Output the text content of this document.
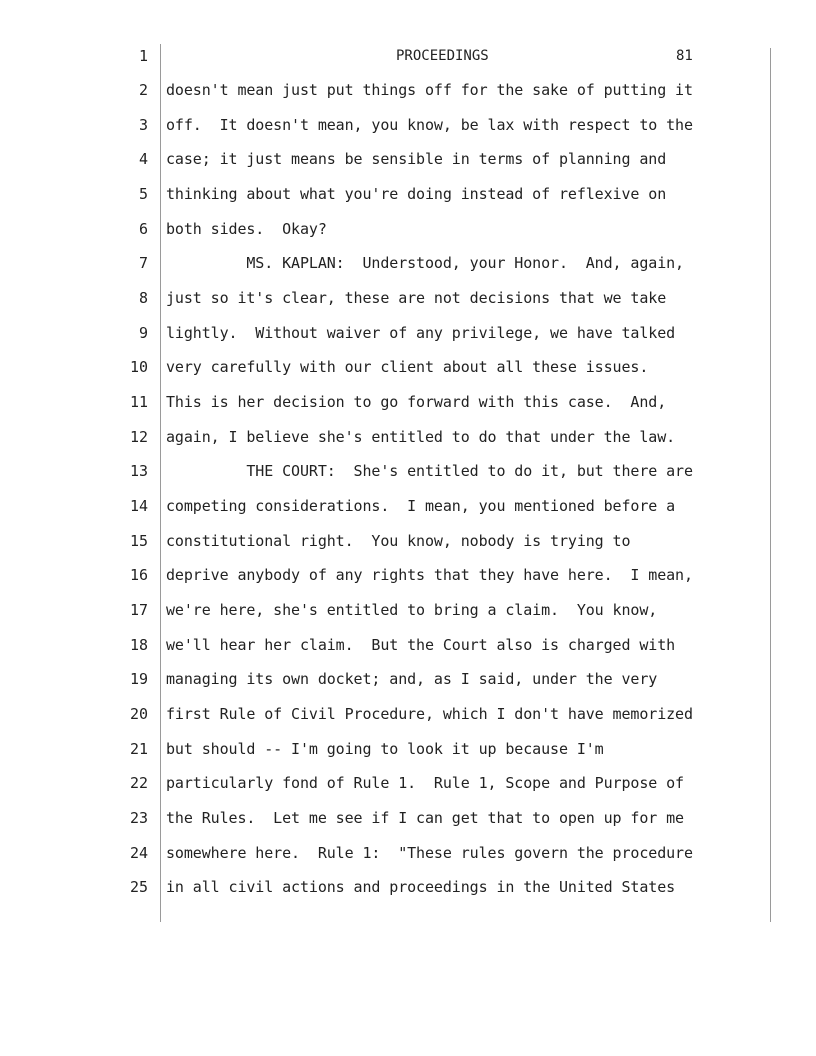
1	PROCEEDINGS	81
2 doesn't mean just put things off for the sake of putting it
3 off.  It doesn't mean, you know, be lax with respect to the
4 case; it just means be sensible in terms of planning and
5 thinking about what you're doing instead of reflexive on
6 both sides.  Okay?
7 MS. KAPLAN:  Understood, your Honor.  And, again,
8 just so it's clear, these are not decisions that we take
9 lightly.  Without waiver of any privilege, we have talked
10 very carefully with our client about all these issues.
11 This is her decision to go forward with this case.  And,
12 again, I believe she's entitled to do that under the law.
13 THE COURT:  She's entitled to do it, but there are
14 competing considerations.  I mean, you mentioned before a
15 constitutional right.  You know, nobody is trying to
16 deprive anybody of any rights that they have here.  I mean,
17 we're here, she's entitled to bring a claim.  You know,
18 we'll hear her claim.  But the Court also is charged with
19 managing its own docket; and, as I said, under the very
20 first Rule of Civil Procedure, which I don't have memorized
21 but should -- I'm going to look it up because I'm
22 particularly fond of Rule 1.  Rule 1, Scope and Purpose of
23 the Rules.  Let me see if I can get that to open up for me
24 somewhere here.  Rule 1:  "These rules govern the procedure
25 in all civil actions and proceedings in the United States
